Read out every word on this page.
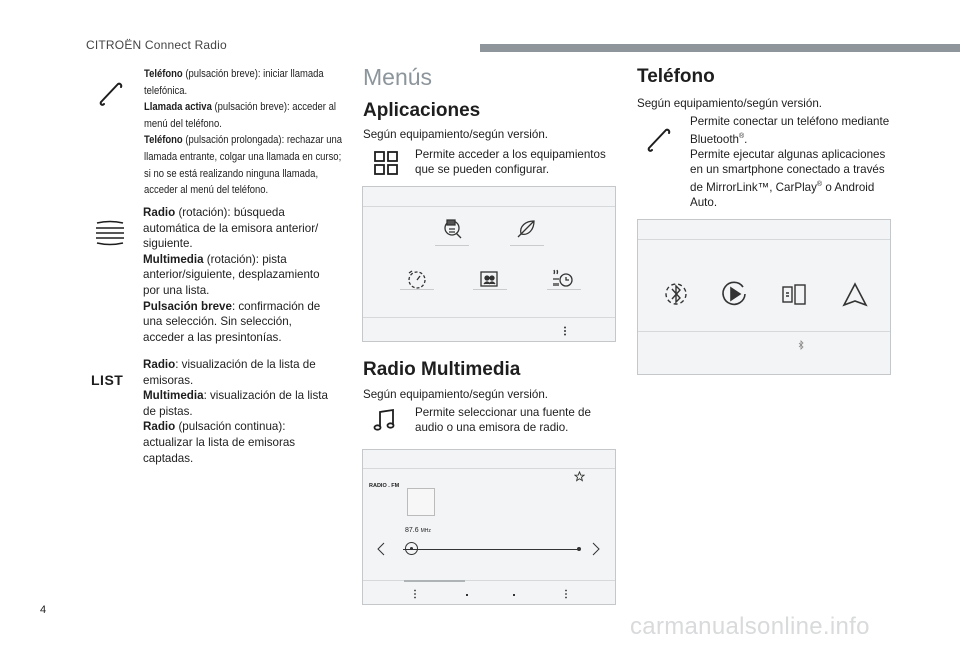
CITROËN Connect Radio
Teléfono (pulsación breve): iniciar llamada telefónica.
Llamada activa (pulsación breve): acceder al menú del teléfono.
Teléfono (pulsación prolongada): rechazar una llamada entrante, colgar una llamada en curso; si no se está realizando ninguna llamada, acceder al menú del teléfono.
Radio (rotación): búsqueda automática de la emisora anterior/ siguiente.
Multimedia (rotación): pista anterior/siguiente, desplazamiento por una lista.
Pulsación breve: confirmación de una selección. Sin selección, acceder a las presintonías.
LIST
Radio: visualización de la lista de emisoras.
Multimedia: visualización de la lista de pistas.
Radio (pulsación continua): actualizar la lista de emisoras captadas.
Menús
Aplicaciones
Según equipamiento/según versión.
Permite acceder a los equipamientos que se pueden configurar.
Radio Multimedia
Según equipamiento/según versión.
Permite seleccionar una fuente de audio o una emisora de radio.
RADIO . FM
87.6 MHz
Teléfono
Según equipamiento/según versión.
Permite conectar un teléfono mediante Bluetooth®.
Permite ejecutar algunas aplicaciones en un smartphone conectado a través de MirrorLink™, CarPlay® o Android Auto.
4
carmanualsonline.info
